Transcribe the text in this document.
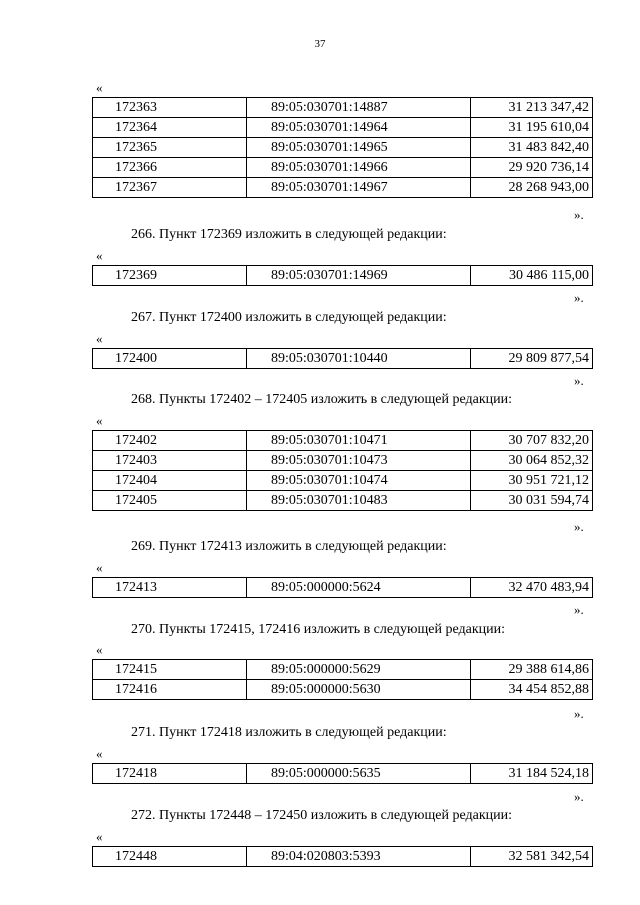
37
«
172363	89:05:030701:14887	31 213 347,42
172364	89:05:030701:14964	31 195 610,04
172365	89:05:030701:14965	31 483 842,40
172366	89:05:030701:14966	29 920 736,14
172367	89:05:030701:14967	28 268 943,00
».
266. Пункт 172369 изложить в следующей редакции:
«
172369	89:05:030701:14969	30 486 115,00
».
267. Пункт 172400 изложить в следующей редакции:
«
172400	89:05:030701:10440	29 809 877,54
».
268. Пункты 172402 – 172405 изложить в следующей редакции:
«
172402	89:05:030701:10471	30 707 832,20
172403	89:05:030701:10473	30 064 852,32
172404	89:05:030701:10474	30 951 721,12
172405	89:05:030701:10483	30 031 594,74
».
269. Пункт 172413 изложить в следующей редакции:
«
172413	89:05:000000:5624	32 470 483,94
».
270. Пункты 172415, 172416 изложить в следующей редакции:
«
172415	89:05:000000:5629	29 388 614,86
172416	89:05:000000:5630	34 454 852,88
».
271. Пункт 172418 изложить в следующей редакции:
«
172418	89:05:000000:5635	31 184 524,18
».
272. Пункты 172448 – 172450 изложить в следующей редакции:
«
172448	89:04:020803:5393	32 581 342,54
